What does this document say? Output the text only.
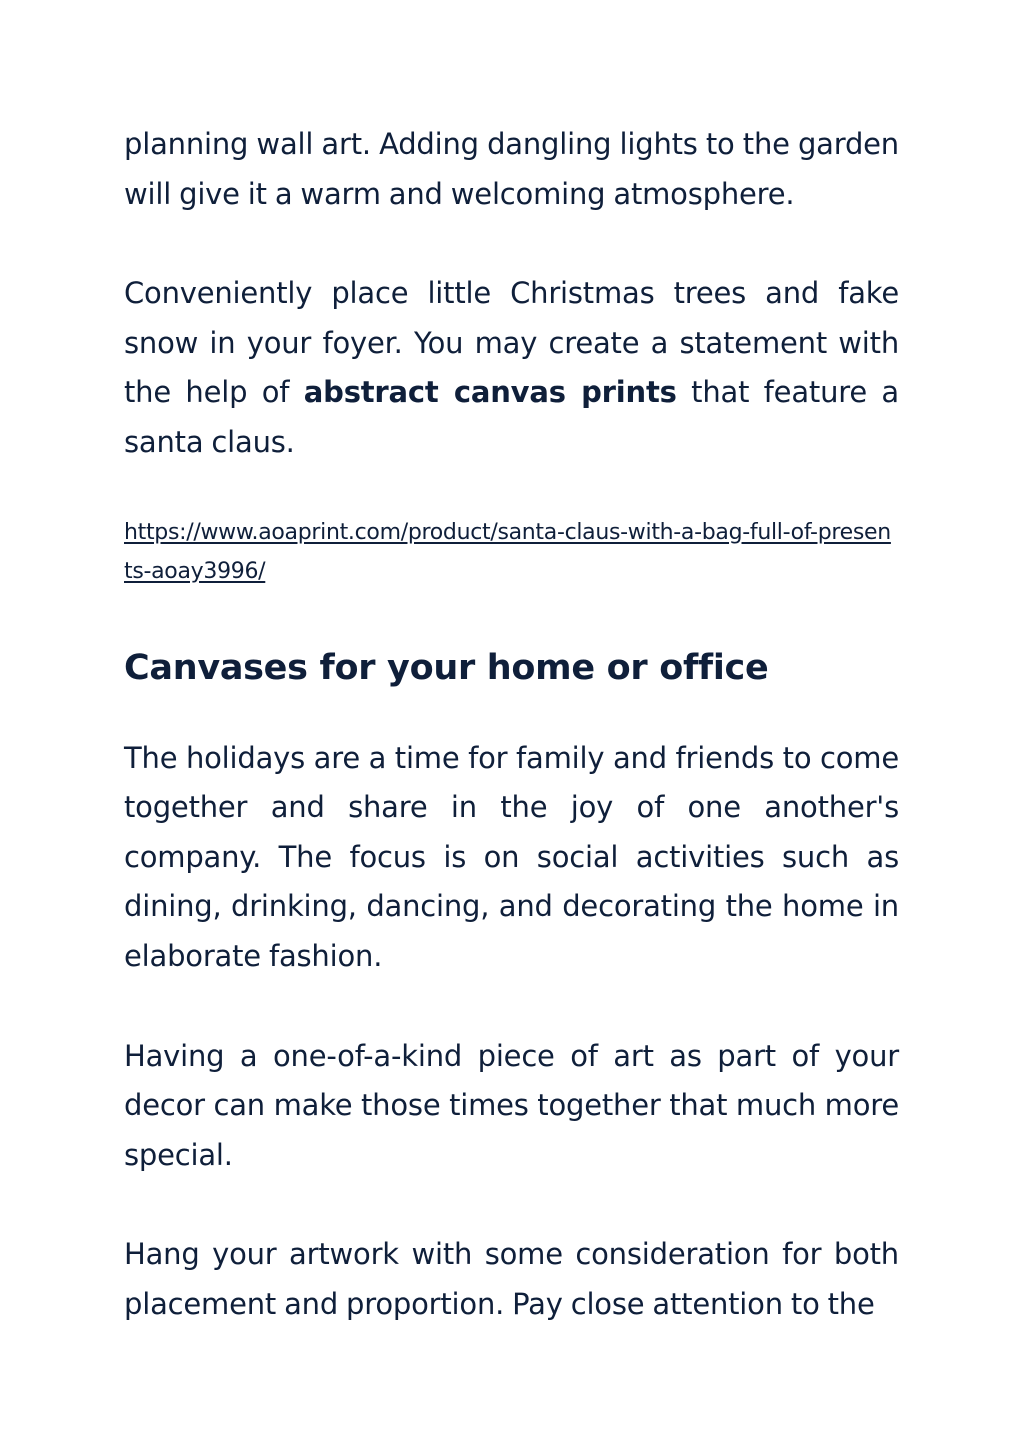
planning wall art. Adding dangling lights to the garden will give it a warm and welcoming atmosphere.

Conveniently place little Christmas trees and fake snow in your foyer. You may create a statement with the help of abstract canvas prints that feature a santa claus.

https://www.aoaprint.com/product/santa-claus-with-a-bag-full-of-presents-aoay3996/

Canvases for your home or office

The holidays are a time for family and friends to come together and share in the joy of one another's company. The focus is on social activities such as dining, drinking, dancing, and decorating the home in elaborate fashion.

Having a one-of-a-kind piece of art as part of your decor can make those times together that much more special.

Hang your artwork with some consideration for both placement and proportion. Pay close attention to the
